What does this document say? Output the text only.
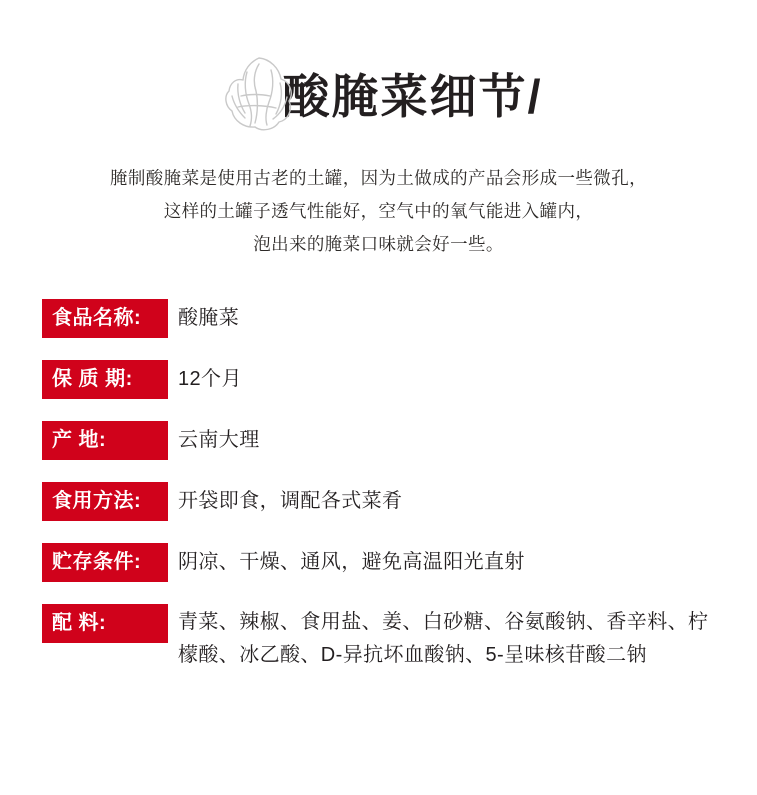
酸腌菜细节/
腌制酸腌菜是使用古老的土罐，因为土做成的产品会形成一些微孔，
这样的土罐子透气性能好，空气中的氧气能进入罐内，
泡出来的腌菜口味就会好一些。
食品名称:	酸腌菜
保 质 期:	12个月
产 地:	云南大理
食用方法:	开袋即食，调配各式菜肴
贮存条件:	阴凉、干燥、通风，避免高温阳光直射
配 料:	青菜、辣椒、食用盐、姜、白砂糖、谷氨酸钠、香辛料、柠檬酸、冰乙酸、D-异抗坏血酸钠、5-呈味核苷酸二钠
